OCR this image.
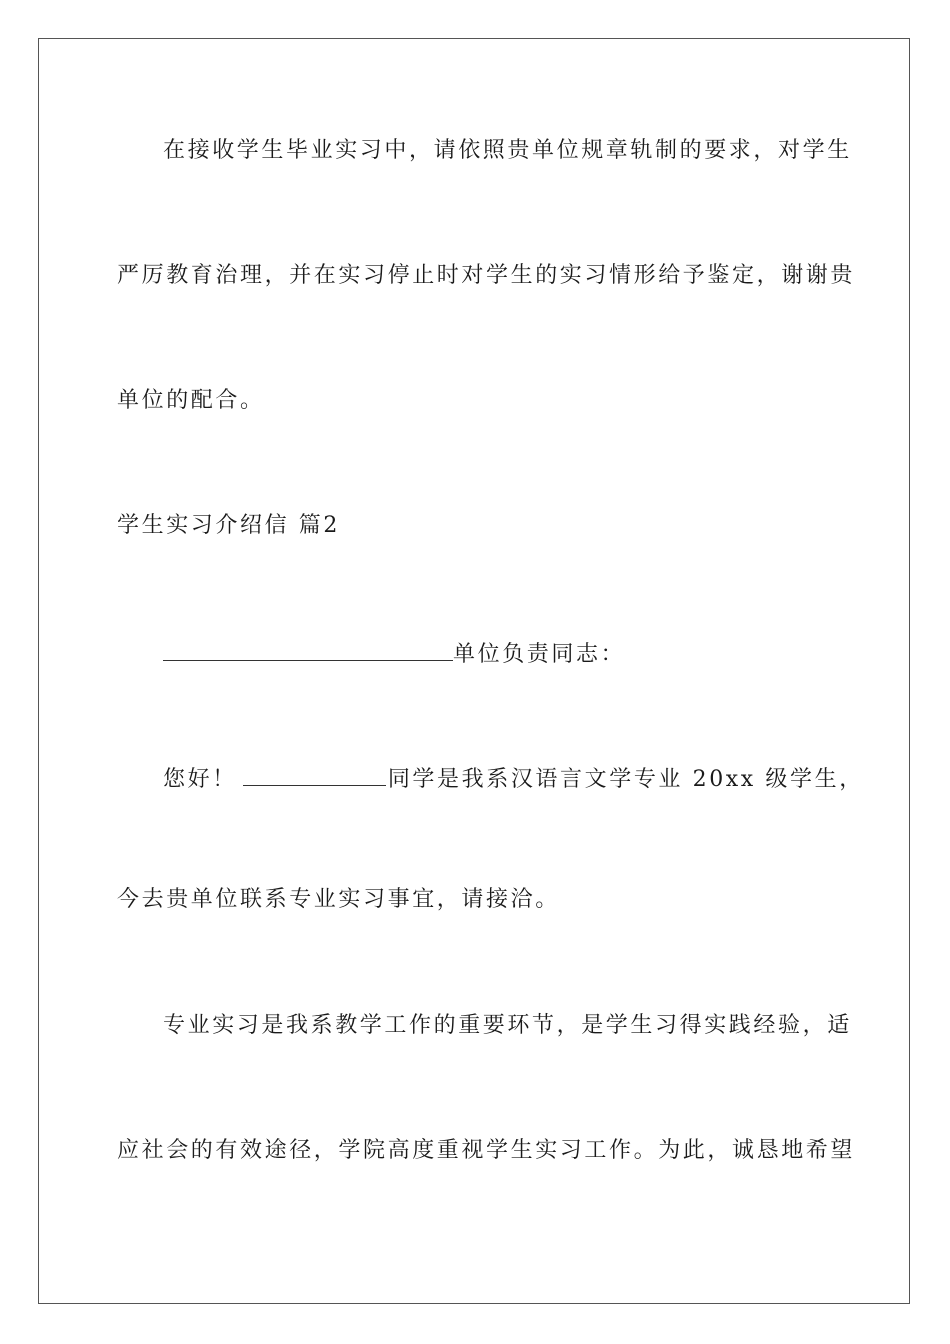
在接收学生毕业实习中，请依照贵单位规章轨制的要求，对学生
严厉教育治理，并在实习停止时对学生的实习情形给予鉴定，谢谢贵
单位的配合。
学生实习介绍信 篇2
单位负责同志：
您好！	同学是我系汉语言文学专业 20xx 级学生，
今去贵单位联系专业实习事宜，请接洽。
专业实习是我系教学工作的重要环节，是学生习得实践经验，适
应社会的有效途径，学院高度重视学生实习工作。为此，诚恳地希望
